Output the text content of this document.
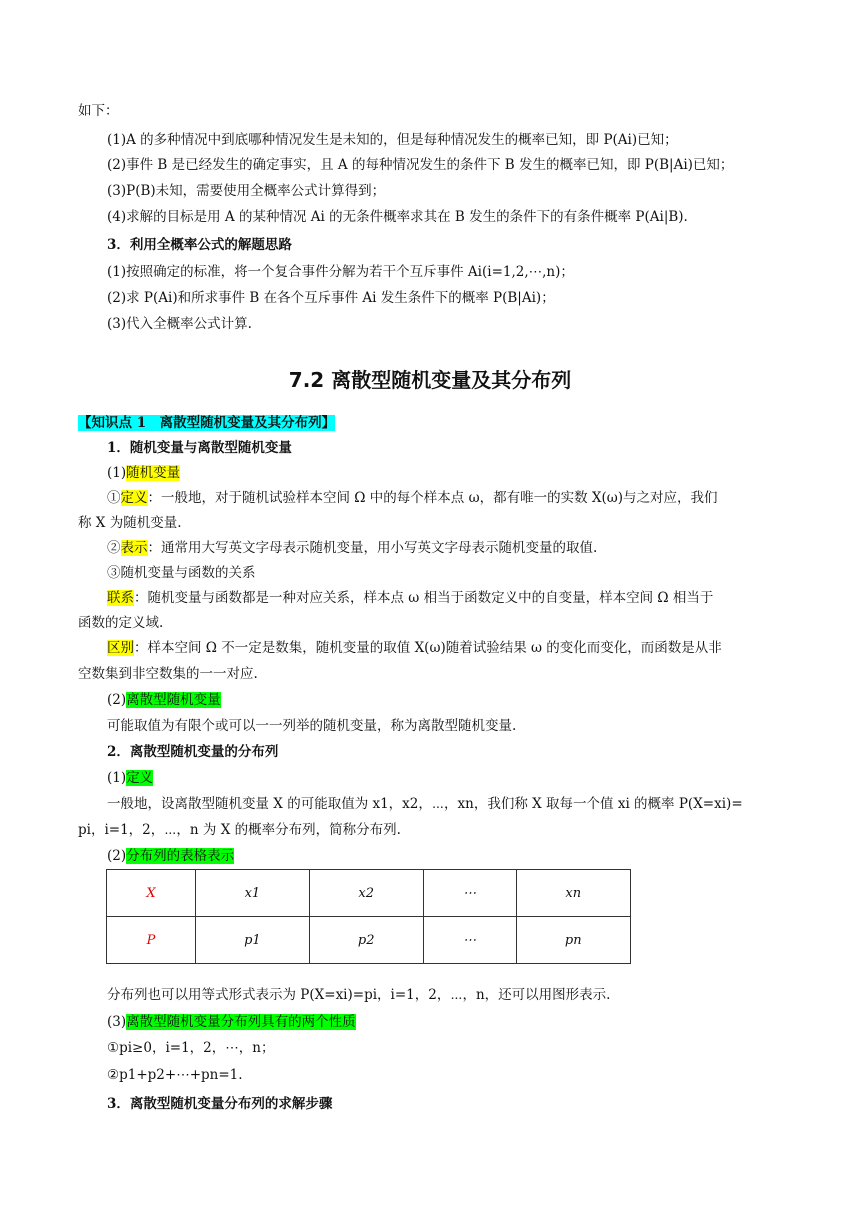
如下：
(1)A 的多种情况中到底哪种情况发生是未知的，但是每种情况发生的概率已知，即 P(Ai)已知；
(2)事件 B 是已经发生的确定事实，且 A 的每种情况发生的条件下 B 发生的概率已知，即 P(B|Ai)已知；
(3)P(B)未知，需要使用全概率公式计算得到；
(4)求解的目标是用 A 的某种情况 Ai 的无条件概率求其在 B 发生的条件下的有条件概率 P(Ai|B).
3．利用全概率公式的解题思路
(1)按照确定的标准，将一个复合事件分解为若干个互斥事件 Ai(i=1,2,⋯,n)；
(2)求 P(Ai)和所求事件 B 在各个互斥事件 Ai 发生条件下的概率 P(B|Ai)；
(3)代入全概率公式计算.
7.2 离散型随机变量及其分布列
【知识点 1　离散型随机变量及其分布列】
1．随机变量与离散型随机变量
(1)随机变量
①定义：一般地，对于随机试验样本空间 Ω 中的每个样本点 ω，都有唯一的实数 X(ω)与之对应，我们
称 X 为随机变量.
②表示：通常用大写英文字母表示随机变量，用小写英文字母表示随机变量的取值.
③随机变量与函数的关系
联系：随机变量与函数都是一种对应关系，样本点 ω 相当于函数定义中的自变量，样本空间 Ω 相当于
函数的定义域.
区别：样本空间 Ω 不一定是数集，随机变量的取值 X(ω)随着试验结果 ω 的变化而变化，而函数是从非
空数集到非空数集的一一对应.
(2)离散型随机变量
可能取值为有限个或可以一一列举的随机变量，称为离散型随机变量.
2．离散型随机变量的分布列
(1)定义
一般地，设离散型随机变量 X 的可能取值为 x1，x2，⋯，xn，我们称 X 取每一个值 xi 的概率 P(X=xi)=
pi，i=1，2，⋯，n 为 X 的概率分布列，简称分布列.
(2)分布列的表格表示
X	x1	x2	⋯	xn
P	p1	p2	⋯	pn
分布列也可以用等式形式表示为 P(X=xi)=pi，i=1，2，⋯，n，还可以用图形表示.
(3)离散型随机变量分布列具有的两个性质
①pi≥0，i=1，2，⋯，n；
②p1+p2+⋯+pn=1.
3．离散型随机变量分布列的求解步骤
